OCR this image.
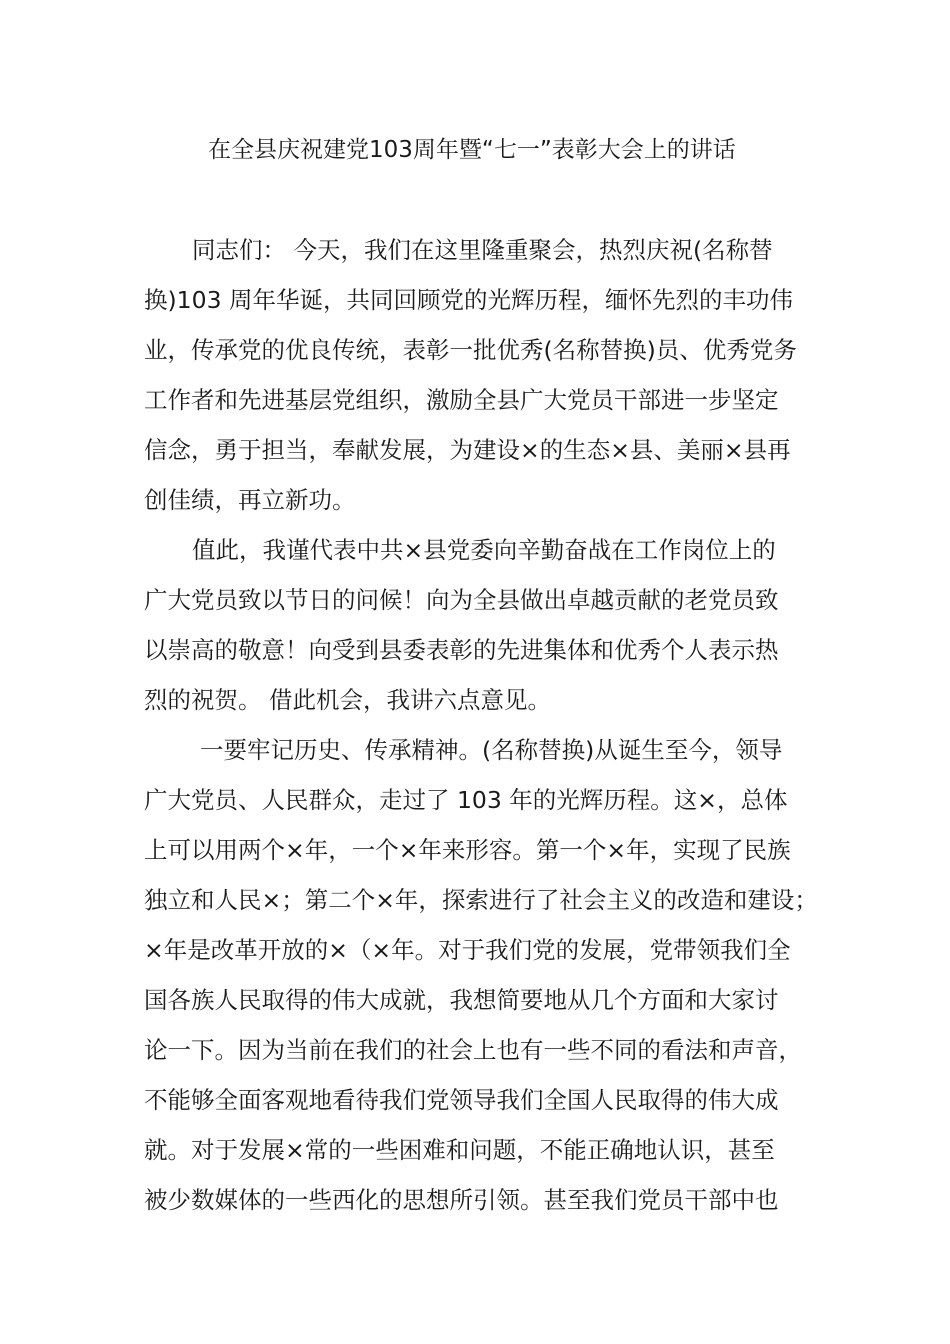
在全县庆祝建党103周年暨“七一”表彰大会上的讲话
同志们： 今天，我们在这里隆重聚会，热烈庆祝(名称替
换)103 周年华诞，共同回顾党的光辉历程，缅怀先烈的丰功伟
业，传承党的优良传统，表彰一批优秀(名称替换)员、优秀党务
工作者和先进基层党组织，激励全县广大党员干部进一步坚定
信念，勇于担当，奉献发展，为建设×的生态×县、美丽×县再
创佳绩，再立新功。
值此，我谨代表中共×县党委向辛勤奋战在工作岗位上的
广大党员致以节日的问候！向为全县做出卓越贡献的老党员致
以崇高的敬意！向受到县委表彰的先进集体和优秀个人表示热
烈的祝贺。 借此机会，我讲六点意见。
一要牢记历史、传承精神。(名称替换)从诞生至今，领导
广大党员、人民群众，走过了 103 年的光辉历程。这×，总体
上可以用两个×年，一个×年来形容。第一个×年，实现了民族
独立和人民×；第二个×年，探索进行了社会主义的改造和建设；
×年是改革开放的×（×年。对于我们党的发展，党带领我们全
国各族人民取得的伟大成就，我想简要地从几个方面和大家讨
论一下。因为当前在我们的社会上也有一些不同的看法和声音，
不能够全面客观地看待我们党领导我们全国人民取得的伟大成
就。对于发展×常的一些困难和问题，不能正确地认识，甚至
被少数媒体的一些西化的思想所引领。甚至我们党员干部中也
